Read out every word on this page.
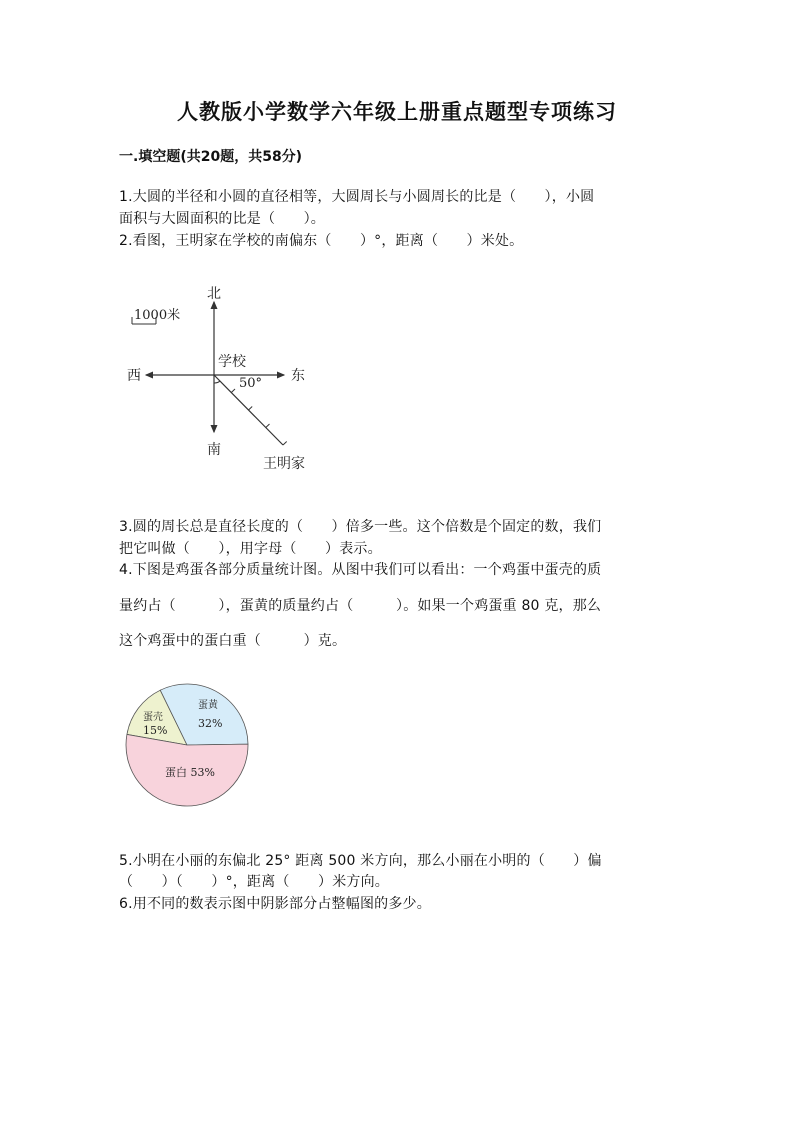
人教版小学数学六年级上册重点题型专项练习
一.填空题(共20题，共58分)
1.大圆的半径和小圆的直径相等，大圆周长与小圆周长的比是（　　），小圆
面积与大圆面积的比是（　　）。
2.看图，王明家在学校的南偏东（　　）°，距离（　　）米处。
1000米
北
南
东
西
学校
50°
王明家
3.圆的周长总是直径长度的（　　）倍多一些。这个倍数是个固定的数，我们
把它叫做（　　），用字母（　　）表示。
4.下图是鸡蛋各部分质量统计图。从图中我们可以看出：一个鸡蛋中蛋壳的质
量约占（　　　），蛋黄的质量约占（　　　）。如果一个鸡蛋重 80 克，那么
这个鸡蛋中的蛋白重（　　　）克。
蛋壳
15%
蛋黄
32%
蛋白 53%
5.小明在小丽的东偏北 25° 距离 500 米方向，那么小丽在小明的（　　）偏
（　　）（　　）°，距离（　　）米方向。
6.用不同的数表示图中阴影部分占整幅图的多少。
